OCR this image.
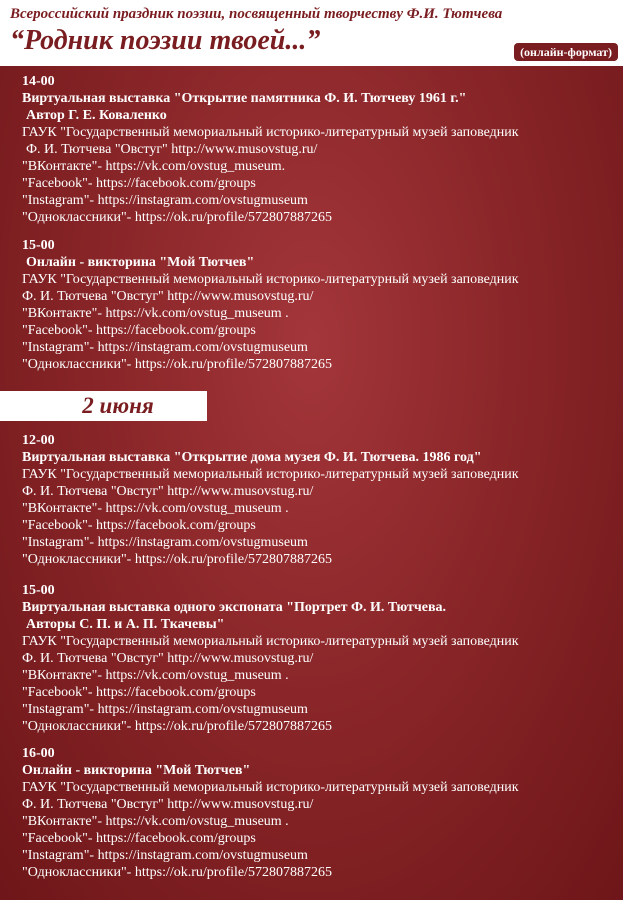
Всероссийский праздник поэзии, посвященный творчеству Ф.И. Тютчева
“Родник поэзии твоей...”	(онлайн-формат)
14-00
Виртуальная выставка "Открытие памятника Ф. И. Тютчеву 1961 г."
Автор Г. Е. Коваленко
ГАУК "Государственный мемориальный историко-литературный музей заповедник
Ф. И. Тютчева "Овстуг" http://www.musovstug.ru/
"ВКонтакте"- https://vk.com/ovstug_museum.
"Facebook"- https://facebook.com/groups
"Instagram"- https://instagram.com/ovstugmuseum
"Одноклассники"- https://ok.ru/profile/572807887265
15-00
Онлайн - викторина "Мой Тютчев"
ГАУК "Государственный мемориальный историко-литературный музей заповедник
Ф. И. Тютчева "Овстуг" http://www.musovstug.ru/
"ВКонтакте"- https://vk.com/ovstug_museum .
"Facebook"- https://facebook.com/groups
"Instagram"- https://instagram.com/ovstugmuseum
"Одноклассники"- https://ok.ru/profile/572807887265
2 июня
12-00
Виртуальная выставка "Открытие дома музея Ф. И. Тютчева. 1986 год"
ГАУК "Государственный мемориальный историко-литературный музей заповедник
Ф. И. Тютчева "Овстуг" http://www.musovstug.ru/
"ВКонтакте"- https://vk.com/ovstug_museum .
"Facebook"- https://facebook.com/groups
"Instagram"- https://instagram.com/ovstugmuseum
"Одноклассники"- https://ok.ru/profile/572807887265
15-00
Виртуальная выставка одного экспоната "Портрет Ф. И. Тютчева.
Авторы С. П. и А. П. Ткачевы"
ГАУК "Государственный мемориальный историко-литературный музей заповедник
Ф. И. Тютчева "Овстуг" http://www.musovstug.ru/
"ВКонтакте"- https://vk.com/ovstug_museum .
"Facebook"- https://facebook.com/groups
"Instagram"- https://instagram.com/ovstugmuseum
"Одноклассники"- https://ok.ru/profile/572807887265
16-00
Онлайн - викторина "Мой Тютчев"
ГАУК "Государственный мемориальный историко-литературный музей заповедник
Ф. И. Тютчева "Овстуг" http://www.musovstug.ru/
"ВКонтакте"- https://vk.com/ovstug_museum .
"Facebook"- https://facebook.com/groups
"Instagram"- https://instagram.com/ovstugmuseum
"Одноклассники"- https://ok.ru/profile/572807887265
